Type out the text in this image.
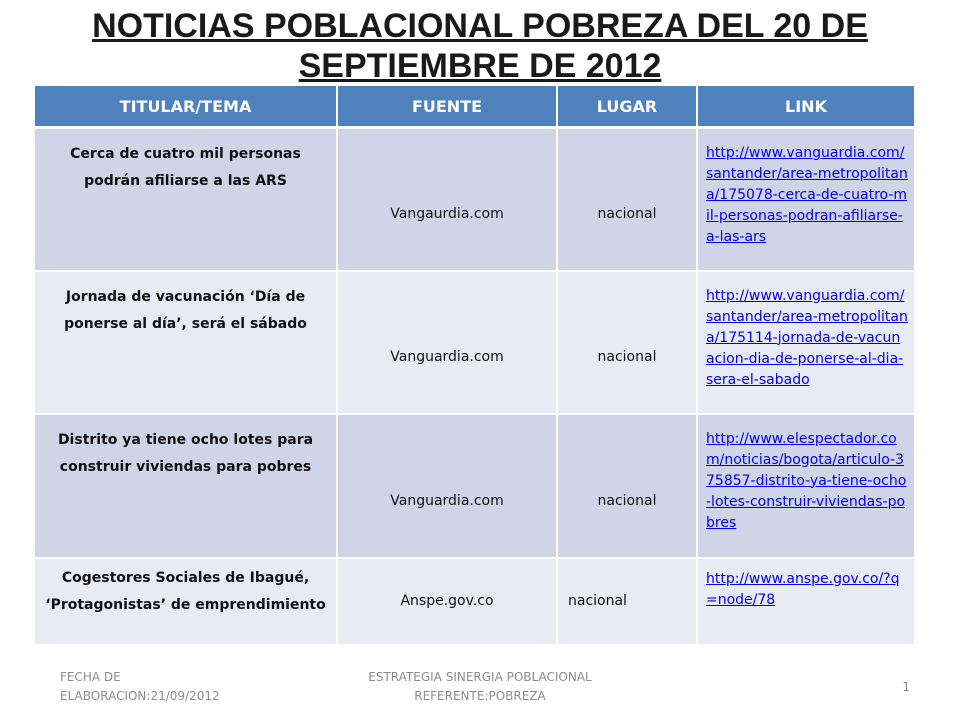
NOTICIAS POBLACIONAL POBREZA DEL 20 DE SEPTIEMBRE DE 2012
TITULAR/TEMA	FUENTE	LUGAR	LINK
Cerca de cuatro mil personas podrán afiliarse a las ARS	Vangaurdia.com	nacional	http://www.vanguardia.com/santander/area-metropolitana/175078-cerca-de-cuatro-mil-personas-podran-afiliarse-a-las-ars
Jornada de vacunación ‘Día de ponerse al día’, será el sábado	Vanguardia.com	nacional	http://www.vanguardia.com/santander/area-metropolitana/175114-jornada-de-vacunacion-dia-de-ponerse-al-dia-sera-el-sabado
Distrito ya tiene ocho lotes para construir viviendas para pobres	Vanguardia.com	nacional	http://www.elespectador.com/noticias/bogota/articulo-375857-distrito-ya-tiene-ocho-lotes-construir-viviendas-pobres
Cogestores Sociales de Ibagué, ‘Protagonistas’ de emprendimiento	Anspe.gov.co	nacional	http://www.anspe.gov.co/?q=node/78
FECHA DE ELABORACION:21/09/2012
ESTRATEGIA SINERGIA POBLACIONAL REFERENTE:POBREZA
1
